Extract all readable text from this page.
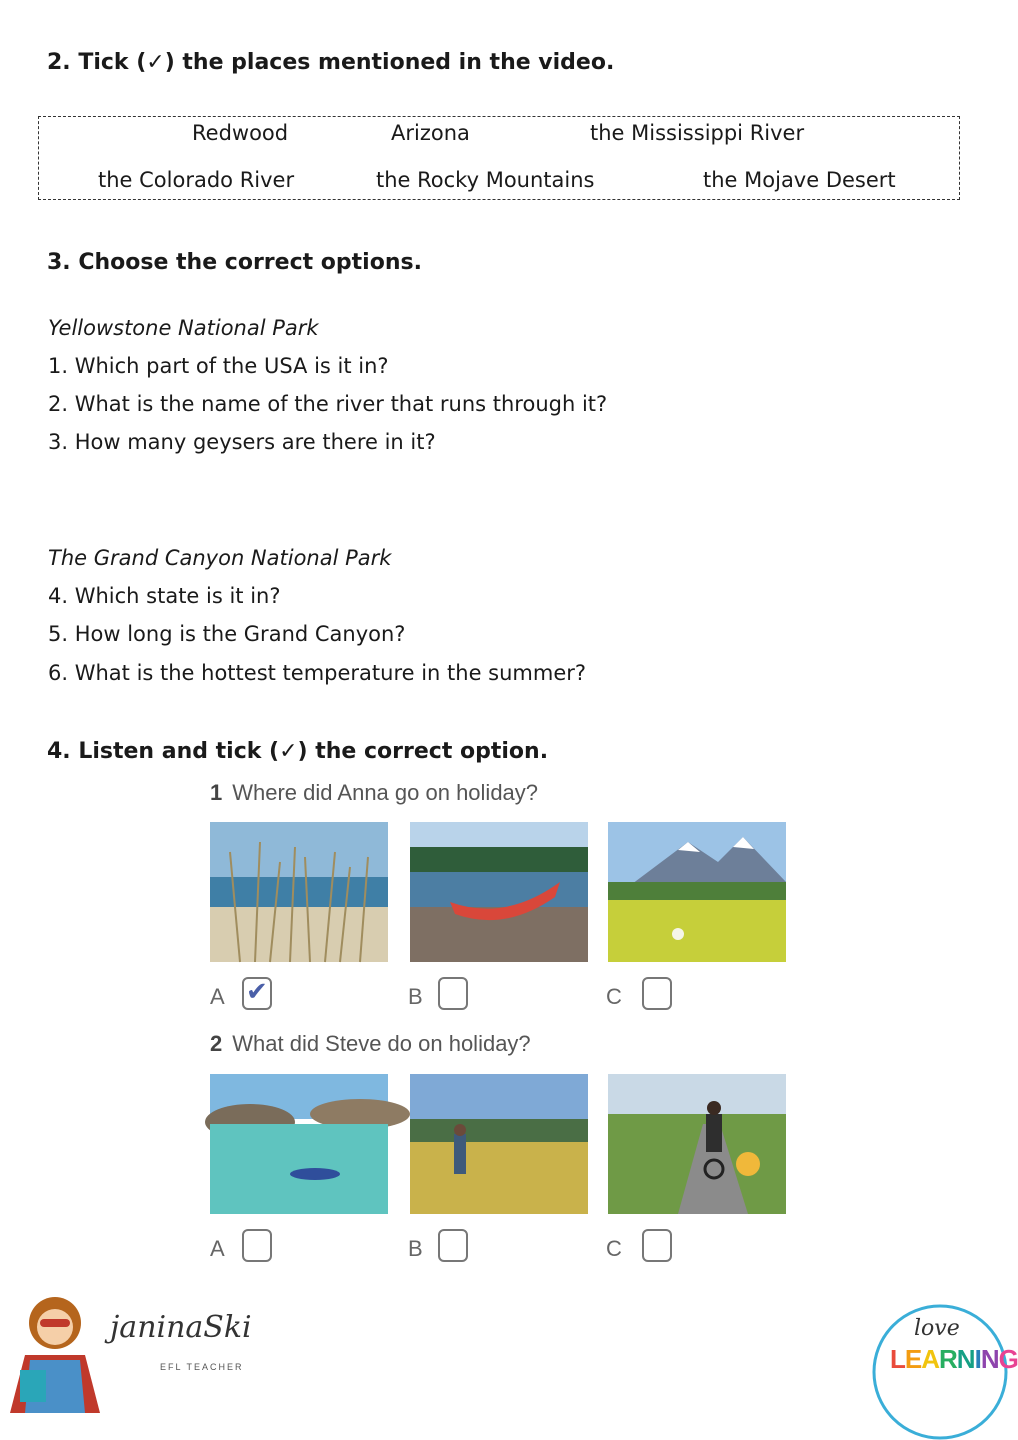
2. Tick (✓) the places mentioned in the video.
Redwood	Arizona	the Mississippi River
the Colorado River	the Rocky Mountains	the Mojave Desert
3. Choose the correct options.
Yellowstone National Park
1. Which part of the USA is it in?
2. What is the name of the river that runs through it?
3. How many geysers are there in it?
The Grand Canyon National Park
4. Which state is it in?
5. How long is the Grand Canyon?
6. What is the hottest temperature in the summer?
4. Listen and tick (✓) the correct option.
1 Where did Anna go on holiday?
A ✔	B	C
2 What did Steve do on holiday?
A	B	C
janinaSki
EFL TEACHER
love
LEARNING
